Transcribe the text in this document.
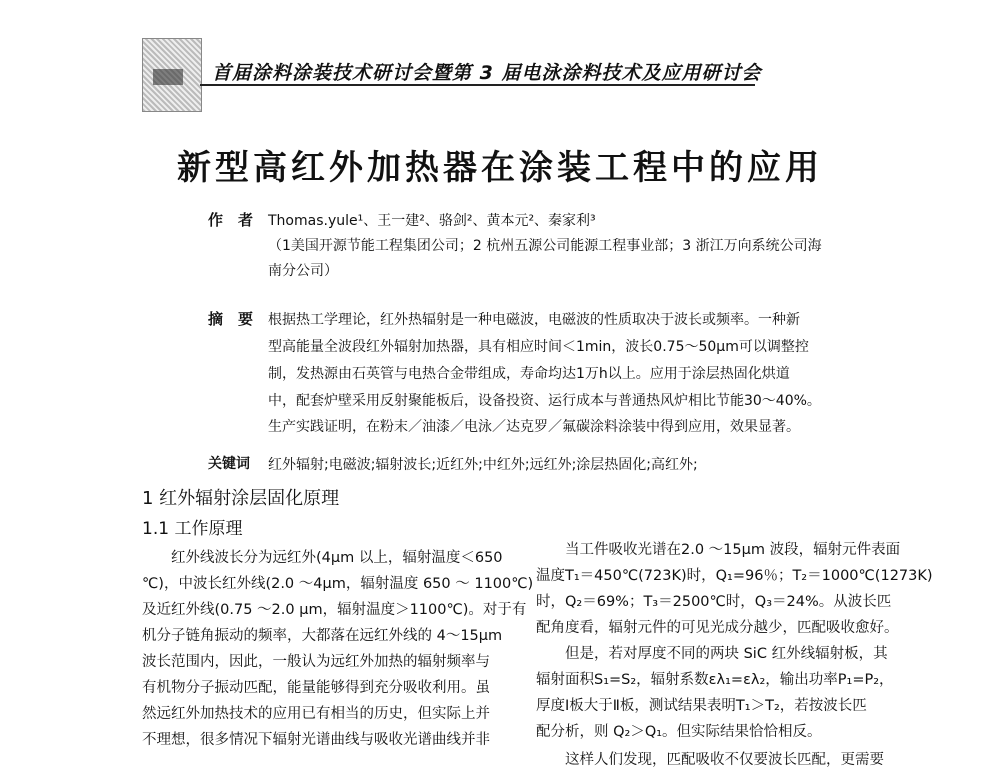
首届涂料涂装技术研讨会暨第 3 届电泳涂料技术及应用研讨会
新型高红外加热器在涂装工程中的应用
作　者 Thomas.yule¹、王一建²、骆剑²、黄本元²、秦家利³
（1美国开源节能工程集团公司；2 杭州五源公司能源工程事业部；3 浙江万向系统公司海
南分公司）
摘　要 根据热工学理论，红外热辐射是一种电磁波，电磁波的性质取决于波长或频率。一种新
型高能量全波段红外辐射加热器，具有相应时间＜1min，波长0.75～50μm可以调整控
制，发热源由石英管与电热合金带组成，寿命均达1万h以上。应用于涂层热固化烘道
中，配套炉壁采用反射聚能板后，设备投资、运行成本与普通热风炉相比节能30～40%。
生产实践证明，在粉末／油漆／电泳／达克罗／氟碳涂料涂装中得到应用，效果显著。
关键词 红外辐射;电磁波;辐射波长;近红外;中红外;远红外;涂层热固化;高红外;
1 红外辐射涂层固化原理
1.1 工作原理
　　红外线波长分为远红外(4μm 以上，辐射温度＜650
℃)，中波长红外线(2.0 ～4μm，辐射温度 650 ～ 1100℃)
及近红外线(0.75 ～2.0 μm，辐射温度＞1100℃)。对于有
机分子链角振动的频率，大都落在远红外线的 4～15μm
波长范围内，因此，一般认为远红外加热的辐射频率与
有机物分子振动匹配，能量能够得到充分吸收利用。虽
然远红外加热技术的应用已有相当的历史，但实际上并
不理想，很多情况下辐射光谱曲线与吸收光谱曲线并非
　　当工件吸收光谱在2.0 ～15μm 波段，辐射元件表面
温度T₁＝450℃(723K)时，Q₁=96％；T₂＝1000℃(1273K)
时，Q₂＝69%；T₃＝2500℃时，Q₃＝24%。从波长匹
配角度看，辐射元件的可见光成分越少，匹配吸收愈好。
　　但是，若对厚度不同的两块 SiC 红外线辐射板，其
辐射面积S₁=S₂，辐射系数ελ₁=ελ₂，输出功率P₁=P₂，
厚度Ⅰ板大于Ⅱ板，测试结果表明T₁＞T₂，若按波长匹
配分析，则 Q₂＞Q₁。但实际结果恰恰相反。
　　这样人们发现，匹配吸收不仅要波长匹配，更需要
